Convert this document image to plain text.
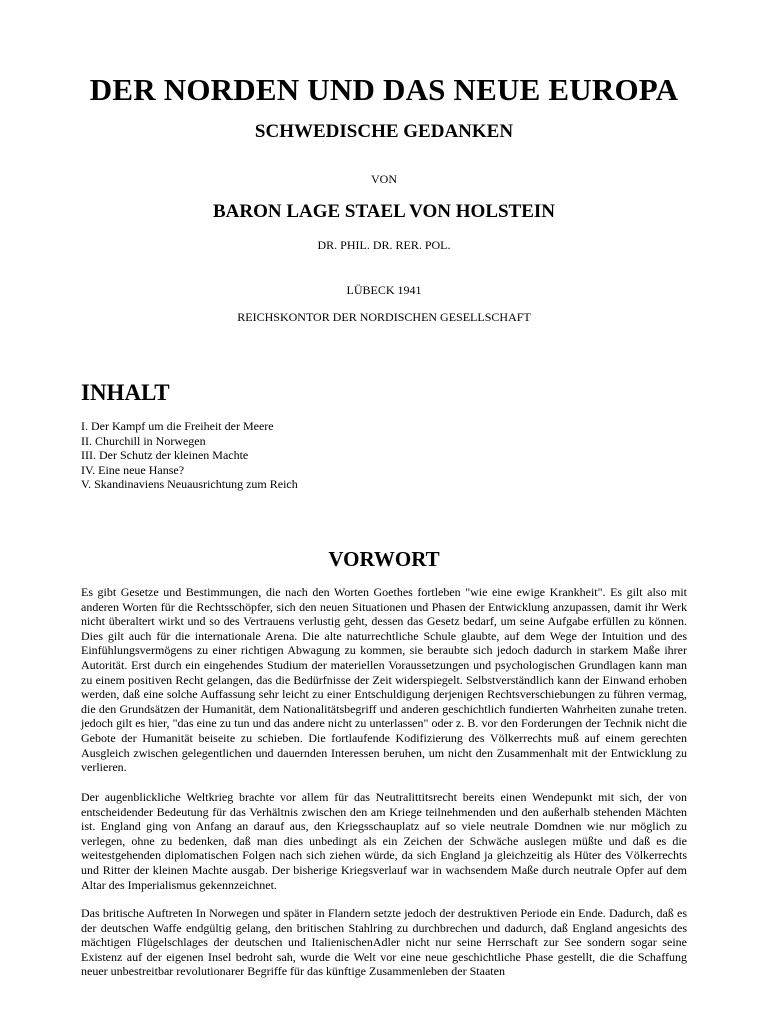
DER NORDEN UND DAS NEUE EUROPA
SCHWEDISCHE GEDANKEN

VON

BARON LAGE STAEL VON HOLSTEIN

DR. PHIL. DR. RER. POL.

LÜBECK 1941

REICHSKONTOR DER NORDISCHEN GESELLSCHAFT

INHALT
I. Der Kampf um die Freiheit der Meere
II. Churchill in Norwegen
III. Der Schutz der kleinen Machte
IV. Eine neue Hanse?
V. Skandinaviens Neuausrichtung zum Reich
VORWORT

Es gibt Gesetze und Bestimmungen, die nach den Worten Goethes fortleben "wie eine ewige Krankheit". Es gilt also mit anderen Worten für die Rechtsschöpfer, sich den neuen Situationen und Phasen der Entwicklung anzupassen, damit ihr Werk nicht überaltert wirkt und so des Vertrauens verlustig geht, dessen das Gesetz bedarf, um seine Aufgabe erfüllen zu können. Dies gilt auch für die internationale Arena. Die alte naturrechtliche Schule glaubte, auf dem Wege der Intuition und des Einfühlungsvermögens zu einer richtigen Abwagung zu kommen, sie beraubte sich jedoch dadurch in starkem Maße ihrer Autorität. Erst durch ein eingehendes Studium der materiellen Voraussetzungen und psychologischen Grundlagen kann man zu einem positiven Recht gelangen, das die Bedürfnisse der Zeit widerspiegelt. Selbstverständlich kann der Einwand erhoben werden, daß eine solche Auffassung sehr leicht zu einer Entschuldigung derjenigen Rechtsverschiebungen zu führen vermag, die den Grundsätzen der Humanität, dem Nationalitätsbegriff und anderen geschichtlich fundierten Wahrheiten zunahe treten. jedoch gilt es hier, "das eine zu tun und das andere nicht zu unterlassen" oder z. B. vor den Forderungen der Technik nicht die Gebote der Humanität beiseite zu schieben. Die fortlaufende Kodifizierung des Völkerrechts muß auf einem gerechten Ausgleich zwischen gelegentlichen und dauernden Interessen beruhen, um nicht den Zusammenhalt mit der Entwicklung zu verlieren.

Der augenblickliche Weltkrieg brachte vor allem für das Neutralittitsrecht bereits einen Wendepunkt mit sich, der von entscheidender Bedeutung für das Verhältnis zwischen den am Kriege teilnehmenden und den außerhalb stehenden Mächten ist. England ging von Anfang an darauf aus, den Kriegsschauplatz auf so viele neutrale Domdnen wie nur möglich zu verlegen, ohne zu bedenken, daß man dies unbedingt als ein Zeichen der Schwäche auslegen müßte und daß es die weitestgehenden diplomatischen Folgen nach sich ziehen würde, da sich England ja gleichzeitig als Hüter des Völkerrechts und Ritter der kleinen Machte ausgab. Der bisherige Kriegsverlauf war in wachsendem Maße durch neutrale Opfer auf dem Altar des Imperialismus gekennzeichnet.

Das britische Auftreten In Norwegen und später in Flandern setzte jedoch der destruktiven Periode ein Ende. Dadurch, daß es der deutschen Waffe endgültig gelang, den britischen Stahlring zu durchbrechen und dadurch, daß England angesichts des mächtigen Flügelschlages der deutschen und ItalienischenAdler nicht nur seine Herrschaft zur See sondern sogar seine Existenz auf der eigenen Insel bedroht sah, wurde die Welt vor eine neue geschichtliche Phase gestellt, die die Schaffung neuer unbestreitbar revolutionarer Begriffe für das künftige Zusammenleben der Staaten
